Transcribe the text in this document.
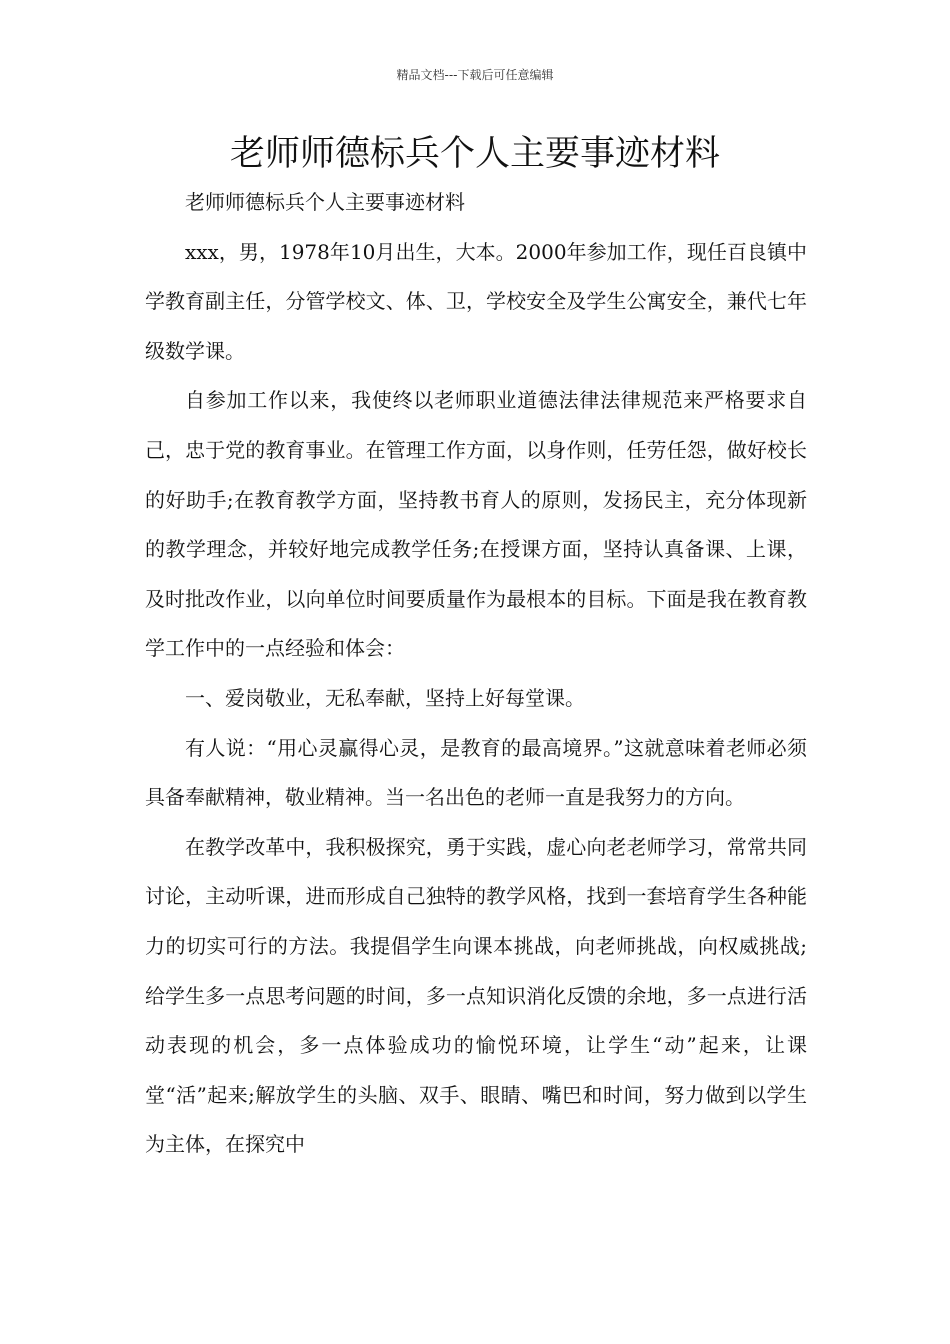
精品文档---下载后可任意编辑
老师师德标兵个人主要事迹材料

老师师德标兵个人主要事迹材料

xxx，男，1978年10月出生，大本。2000年参加工作，现任百良镇中学教育副主任，分管学校文、体、卫，学校安全及学生公寓安全，兼代七年级数学课。

自参加工作以来，我使终以老师职业道德法律法律规范来严格要求自己，忠于党的教育事业。在管理工作方面，以身作则，任劳任怨，做好校长的好助手;在教育教学方面，坚持教书育人的原则，发扬民主，充分体现新的教学理念，并较好地完成教学任务;在授课方面，坚持认真备课、上课，及时批改作业，以向单位时间要质量作为最根本的目标。下面是我在教育教学工作中的一点经验和体会：

一、爱岗敬业，无私奉献，坚持上好每堂课。

有人说：“用心灵赢得心灵，是教育的最高境界。”这就意味着老师必须具备奉献精神，敬业精神。当一名出色的老师一直是我努力的方向。

在教学改革中，我积极探究，勇于实践，虚心向老老师学习，常常共同讨论，主动听课，进而形成自己独特的教学风格，找到一套培育学生各种能力的切实可行的方法。我提倡学生向课本挑战，向老师挑战，向权威挑战;给学生多一点思考问题的时间，多一点知识消化反馈的余地，多一点进行活动表现的机会，多一点体验成功的愉悦环境，让学生“动”起来，让课堂“活”起来;解放学生的头脑、双手、眼睛、嘴巴和时间，努力做到以学生为主体，在探究中
